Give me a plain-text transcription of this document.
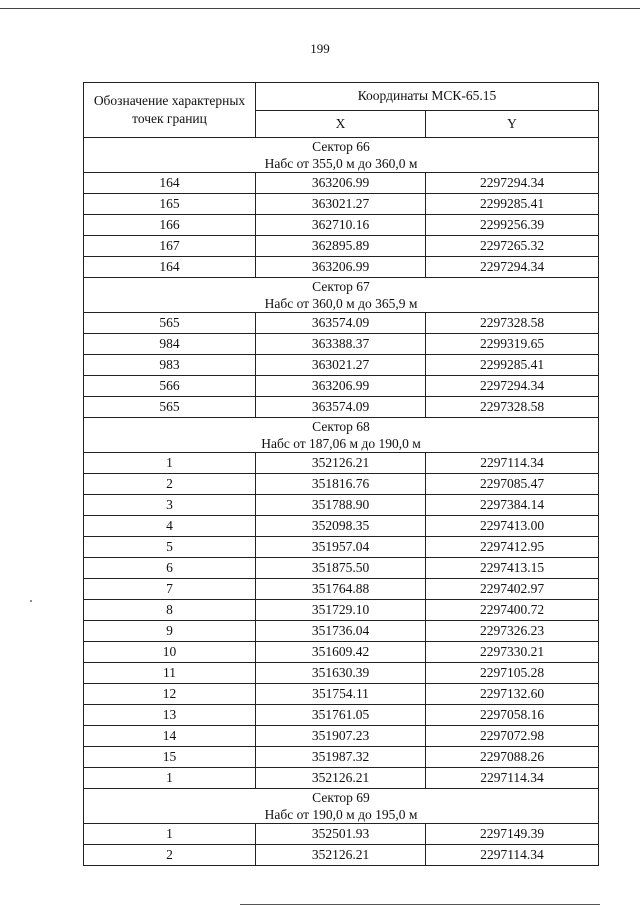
199
Обозначение характерных
точек границ	Координаты МСК-65.15	
	X	Y

Сектор 66
Набс от 355,0 м до 360,0 м		

164	363206.99	2297294.34
165	363021.27	2299285.41
166	362710.16	2299256.39
167	362895.89	2297265.32
164	363206.99	2297294.34

Сектор 67
Набс от 360,0 м до 365,9 м		

565	363574.09	2297328.58
984	363388.37	2299319.65
983	363021.27	2299285.41
566	363206.99	2297294.34
565	363574.09	2297328.58

Сектор 68
Набс от 187,06 м до 190,0 м		

1	352126.21	2297114.34
2	351816.76	2297085.47
3	351788.90	2297384.14
4	352098.35	2297413.00
5	351957.04	2297412.95
6	351875.50	2297413.15
7	351764.88	2297402.97
8	351729.10	2297400.72
9	351736.04	2297326.23
10	351609.42	2297330.21
11	351630.39	2297105.28
12	351754.11	2297132.60
13	351761.05	2297058.16
14	351907.23	2297072.98
15	351987.32	2297088.26
1	352126.21	2297114.34

Сектор 69
Набс от 190,0 м до 195,0 м		

1	352501.93	2297149.39
2	352126.21	2297114.34
